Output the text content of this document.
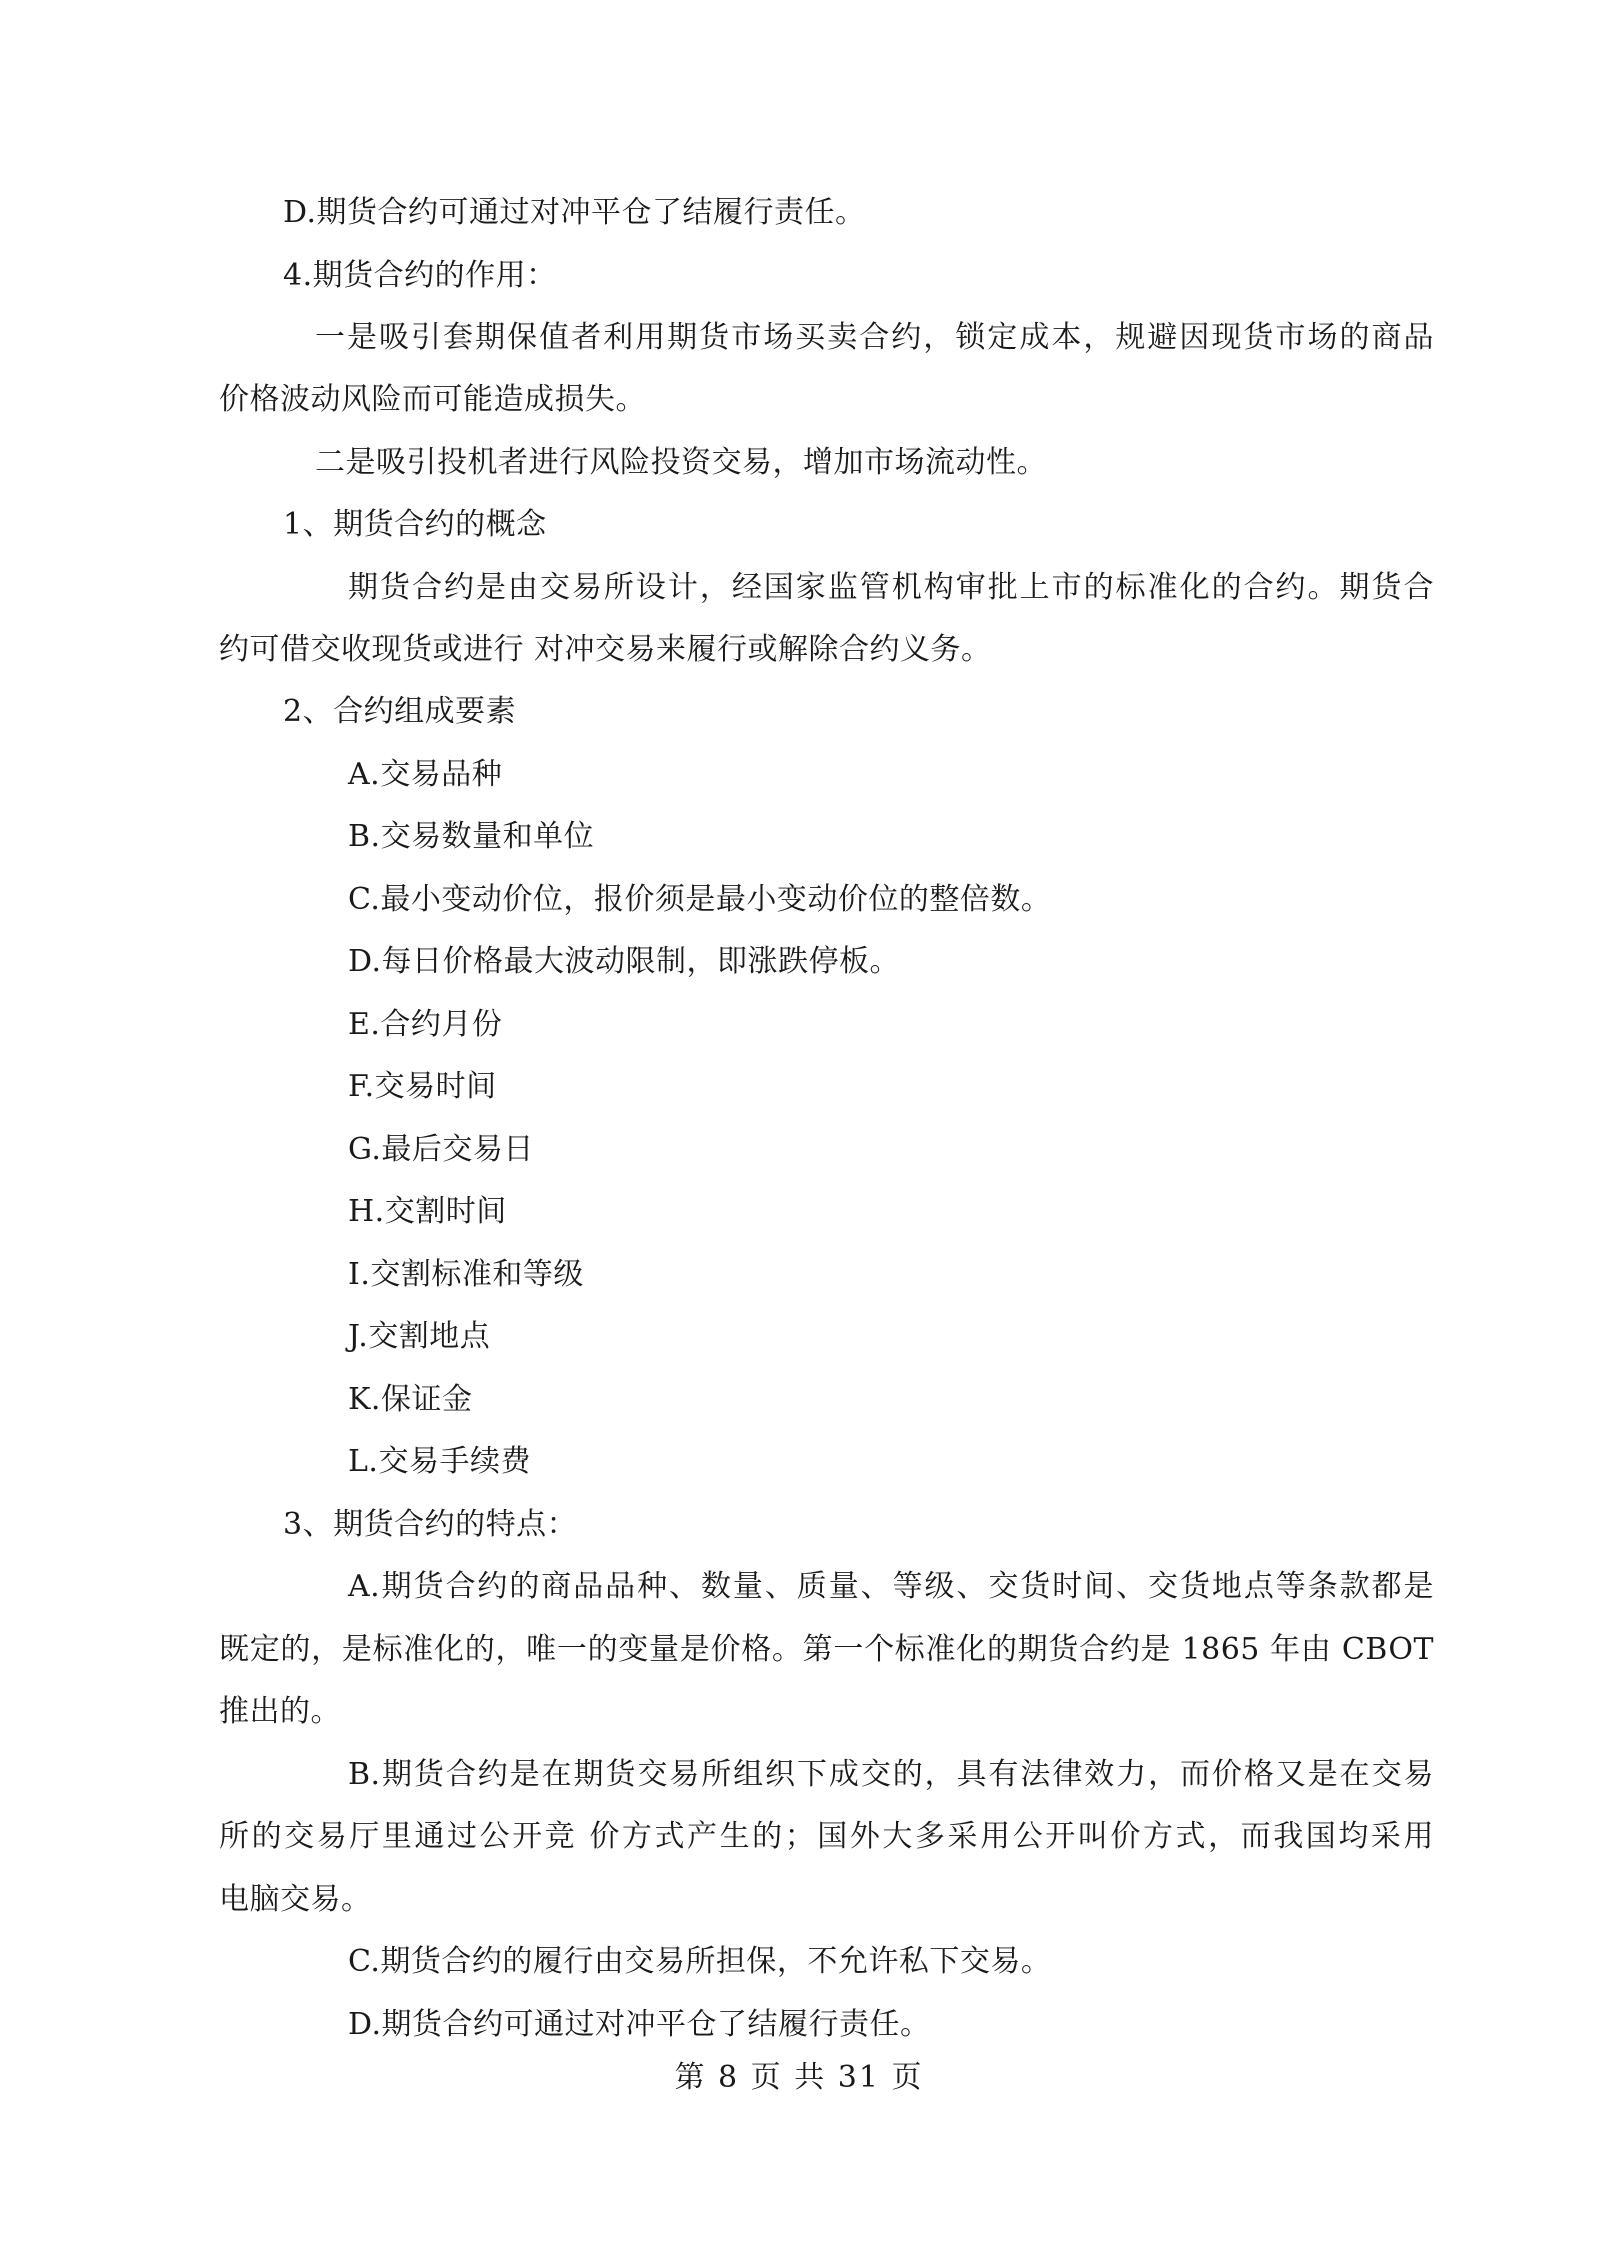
D.期货合约可通过对冲平仓了结履行责任。
4.期货合约的作用：
一是吸引套期保值者利用期货市场买卖合约，锁定成本，规避因现货市场的商品
价格波动风险而可能造成损失。
二是吸引投机者进行风险投资交易，增加市场流动性。
1、期货合约的概念
期货合约是由交易所设计，经国家监管机构审批上市的标准化的合约。期货合
约可借交收现货或进行 对冲交易来履行或解除合约义务。
2、合约组成要素
A.交易品种
B.交易数量和单位
C.最小变动价位，报价须是最小变动价位的整倍数。
D.每日价格最大波动限制，即涨跌停板。
E.合约月份
F.交易时间
G.最后交易日
H.交割时间
I.交割标准和等级
J.交割地点
K.保证金
L.交易手续费
3、期货合约的特点：
A.期货合约的商品品种、数量、质量、等级、交货时间、交货地点等条款都是
既定的，是标准化的，唯一的变量是价格。第一个标准化的期货合约是 1865 年由 CBOT
推出的。
B.期货合约是在期货交易所组织下成交的，具有法律效力，而价格又是在交易
所的交易厅里通过公开竞 价方式产生的；国外大多采用公开叫价方式，而我国均采用
电脑交易。
C.期货合约的履行由交易所担保，不允许私下交易。
D.期货合约可通过对冲平仓了结履行责任。
第 8 页 共 31 页
